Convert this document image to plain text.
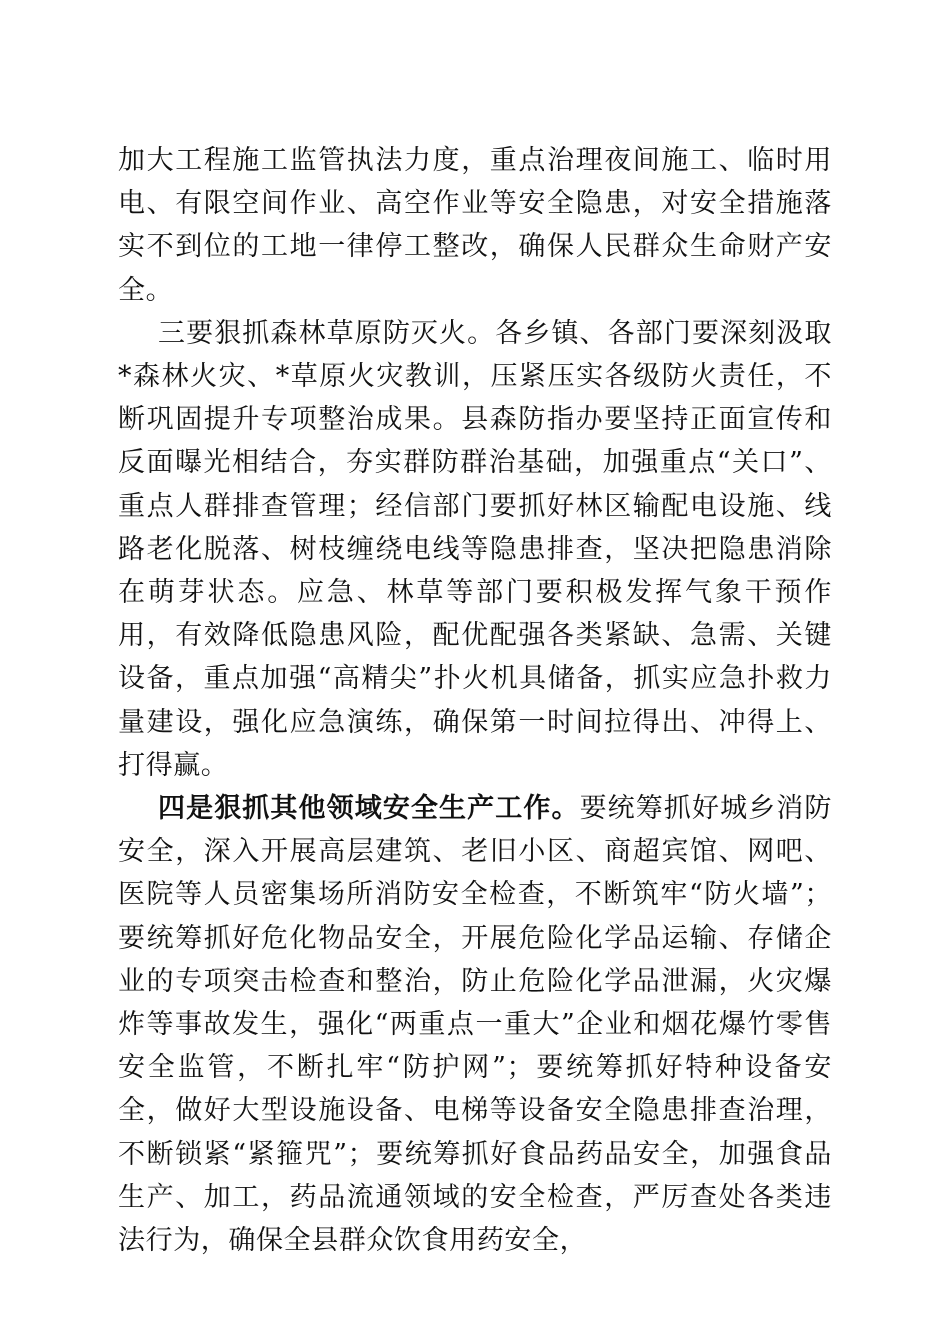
加大工程施工监管执法力度，重点治理夜间施工、临时用电、有限空间作业、高空作业等安全隐患，对安全措施落实不到位的工地一律停工整改，确保人民群众生命财产安全。

三要狠抓森林草原防灭火。各乡镇、各部门要深刻汲取*森林火灾、*草原火灾教训，压紧压实各级防火责任，不断巩固提升专项整治成果。县森防指办要坚持正面宣传和反面曝光相结合，夯实群防群治基础，加强重点“关口”、重点人群排查管理；经信部门要抓好林区输配电设施、线路老化脱落、树枝缠绕电线等隐患排查，坚决把隐患消除在萌芽状态。应急、林草等部门要积极发挥气象干预作用，有效降低隐患风险，配优配强各类紧缺、急需、关键设备，重点加强“高精尖”扑火机具储备，抓实应急扑救力量建设，强化应急演练，确保第一时间拉得出、冲得上、打得赢。

四是狠抓其他领域安全生产工作。要统筹抓好城乡消防安全，深入开展高层建筑、老旧小区、商超宾馆、网吧、医院等人员密集场所消防安全检查，不断筑牢“防火墙”；要统筹抓好危化物品安全，开展危险化学品运输、存储企业的专项突击检查和整治，防止危险化学品泄漏，火灾爆炸等事故发生，强化“两重点一重大”企业和烟花爆竹零售安全监管，不断扎牢“防护网”；要统筹抓好特种设备安全，做好大型设施设备、电梯等设备安全隐患排查治理，不断锁紧“紧箍咒”；要统筹抓好食品药品安全，加强食品生产、加工，药品流通领域的安全检查，严厉查处各类违法行为，确保全县群众饮食用药安全，
